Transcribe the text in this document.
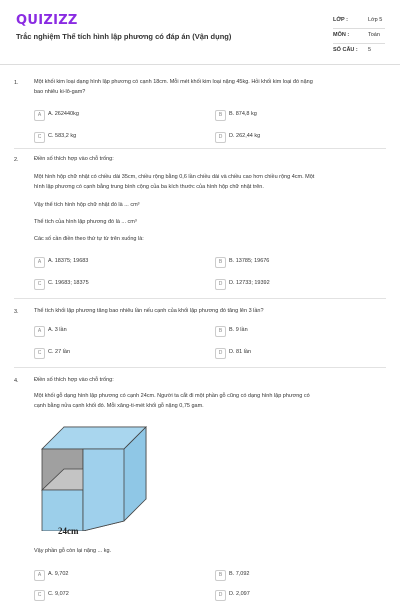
QUIZIZZ
Trắc nghiệm Thể tích hình lập phương có đáp án (Vận dụng)
LỚP :	Lớp 5
MÔN :	Toán
SỐ CÂU : 5
1.	Một khối kim loại dạng hình lập phương có cạnh 18cm. Mỗi mét khối kim loại nặng 45kg. Hỏi khối kim loại đó nặng
bao nhiêu ki-lô-gam?
A	A. 262440kg	B	B. 874,8 kg
C	C. 583,2 kg	D	D. 262,44 kg
2.	Điền số thích hợp vào chỗ trống:
Một hình hộp chữ nhật có chiều dài 35cm, chiều rộng bằng 0,6 lần chiều dài và chiều cao hơn chiều rộng 4cm. Một
hình lập phương có cạnh bằng trung bình cộng của ba kích thước của hình hộp chữ nhật trên.
Vậy thể tích hình hộp chữ nhật đó là ... cm³
Thể tích của hình lập phương đó là ... cm³
Các số cần điền theo thứ tự từ trên xuống là:
A	A. 18375; 19683	B	B. 13785; 19676
C	C. 19683; 18375	D	D. 12733; 19392
3.	Thể tích khối lập phương tăng bao nhiêu lần nếu cạnh của khối lập phương đó tăng lên 3 lần?
A	A. 3 lần	B	B. 9 lần
C	C. 27 lần	D	D. 81 lần
4.	Điền số thích hợp vào chỗ trống:
Một khối gỗ dạng hình lập phương có cạnh 24cm. Người ta cắt đi một phần gỗ cũng có dạng hình lập phương có
cạnh bằng nửa cạnh khối đó. Mỗi xăng-ti-mét khối gỗ nặng 0,75 gam.
24cm
Vậy phần gỗ còn lại nặng ... kg.
A	A. 9,702	B	B. 7,092
C	C. 9,072	D	D. 2,097
